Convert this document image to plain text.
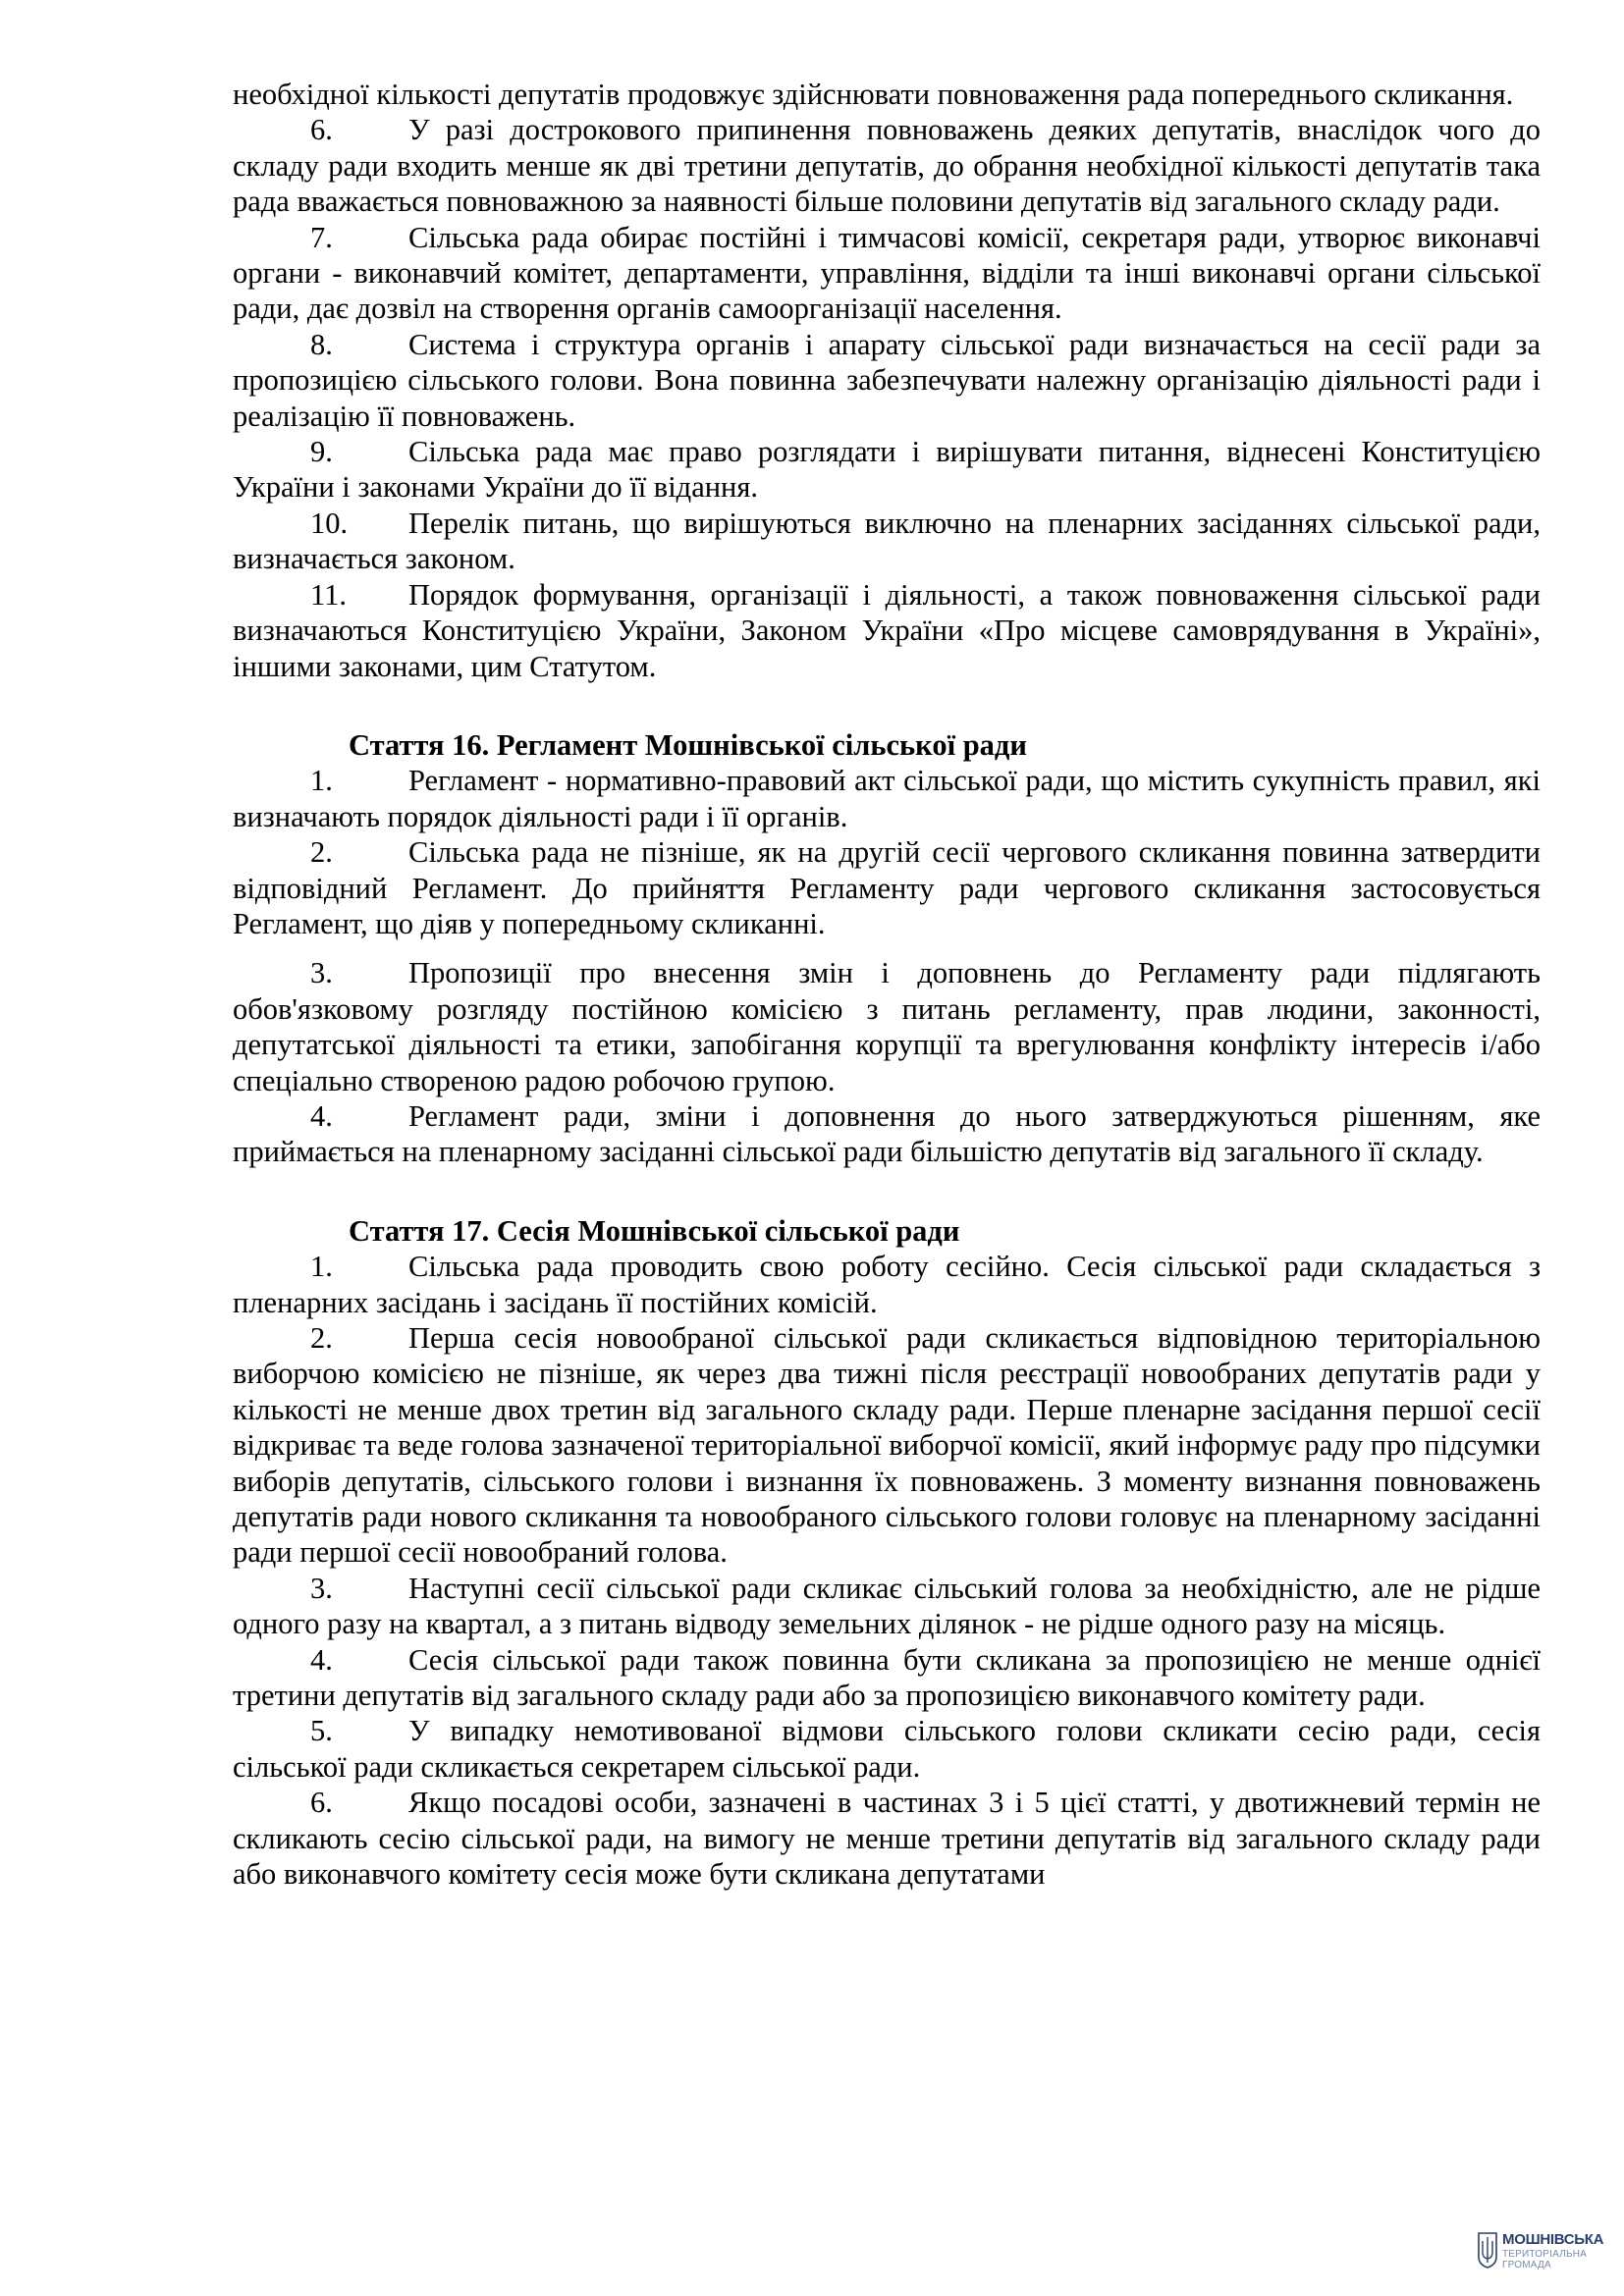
необхідної кількості депутатів продовжує здійснювати повноваження рада попереднього скликання.

6.	У разі дострокового припинення повноважень деяких депутатів, внаслідок чого до складу ради входить менше як дві третини депутатів, до обрання необхідної кількості депутатів така рада вважається повноважною за наявності більше половини депутатів від загального складу ради.

7.	Сільська рада обирає постійні і тимчасові комісії, секретаря ради, утворює виконавчі органи - виконавчий комітет, департаменти, управління, відділи та інші виконавчі органи сільської ради, дає дозвіл на створення органів самоорганізації населення.

8.	Система і структура органів і апарату сільської ради визначається на сесії ради за пропозицією сільського голови. Вона повинна забезпечувати належну організацію діяльності ради і реалізацію її повноважень.

9.	Сільська рада має право розглядати і вирішувати питання, віднесені Конституцією України і законами України до її відання.

10. Перелік питань, що вирішуються виключно на пленарних засіданнях сільської ради, визначається законом.

11. Порядок формування, організації і діяльності, а також повноваження сільської ради визначаються Конституцією України, Законом України «Про місцеве самоврядування в Україні», іншими законами, цим Статутом.

Стаття 16. Регламент Мошнівської сільської ради

1.	Регламент - нормативно-правовий акт сільської ради, що містить сукупність правил, які визначають порядок діяльності ради і її органів.

2.	Сільська рада не пізніше, як на другій сесії чергового скликання повинна затвердити відповідний Регламент. До прийняття Регламенту ради чергового скликання застосовується Регламент, що діяв у попередньому скликанні.

3.	Пропозиції про внесення змін і доповнень до Регламенту ради підлягають обов'язковому розгляду постійною комісією з питань регламенту, прав людини, законності, депутатської діяльності та етики, запобігання корупції та врегулювання конфлікту інтересів і/або спеціально створеною радою робочою групою.

4.	Регламент ради, зміни і доповнення до нього затверджуються рішенням, яке приймається на пленарному засіданні сільської ради більшістю депутатів від загального її складу.

Стаття 17. Сесія Мошнівської сільської ради

1.	Сільська рада проводить свою роботу сесійно. Сесія сільської ради складається з пленарних засідань і засідань її постійних комісій.

2.	Перша сесія новообраної сільської ради скликається відповідною територіальною виборчою комісією не пізніше, як через два тижні після реєстрації новообраних депутатів ради у кількості не менше двох третин від загального складу ради. Перше пленарне засідання першої сесії відкриває та веде голова зазначеної територіальної виборчої комісії, який інформує раду про підсумки виборів депутатів, сільського голови і визнання їх повноважень. З моменту визнання повноважень депутатів ради нового скликання та новообраного сільського голови головує на пленарному засіданні ради першої сесії новообраний голова.

3.	Наступні сесії сільської ради скликає сільський голова за необхідністю, але не рідше одного разу на квартал, а з питань відводу земельних ділянок - не рідше одного разу на місяць.

4.	Сесія сільської ради також повинна бути скликана за пропозицією не менше однієї третини депутатів від загального складу ради або за пропозицією виконавчого комітету ради.

5.	У випадку немотивованої відмови сільського голови скликати сесію ради, сесія сільської ради скликається секретарем сільської ради.

6.	Якщо посадові особи, зазначені в частинах 3 і 5 цієї статті, у двотижневий термін не скликають сесію сільської ради, на вимогу не менше третини депутатів від загального складу ради або виконавчого комітету сесія може бути скликана депутатами

МОШНІВСЬКА
ТЕРИТОРІАЛЬНА
ГРОМАДА
